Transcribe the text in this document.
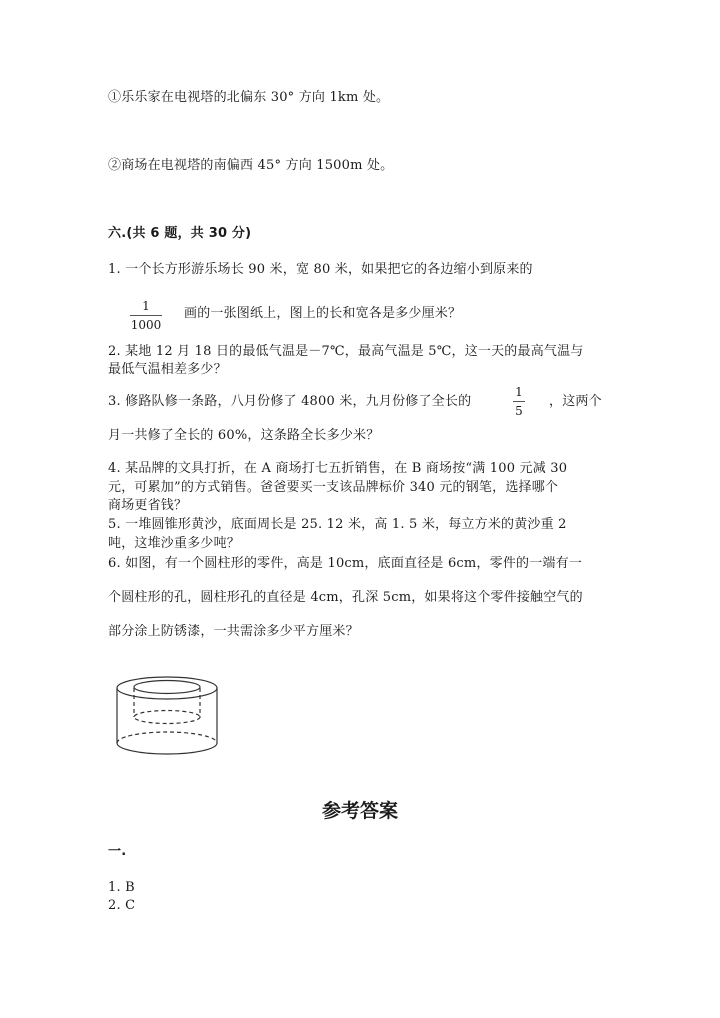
①乐乐家在电视塔的北偏东 30° 方向 1km 处。
②商场在电视塔的南偏西 45° 方向 1500m 处。
六.(共 6 题，共 30 分)
1. 一个长方形游乐场长 90 米，宽 80 米，如果把它的各边缩小到原来的
1
1000
画的一张图纸上，图上的长和宽各是多少厘米？
2. 某地 12 月 18 日的最低气温是－7℃，最高气温是 5℃，这一天的最高气温与
最低气温相差多少？
3. 修路队修一条路，八月份修了 4800 米，九月份修了全长的
1
5
，这两个
月一共修了全长的 60%，这条路全长多少米？
4. 某品牌的文具打折，在 A 商场打七五折销售，在 B 商场按“满 100 元减 30
元，可累加”的方式销售。爸爸要买一支该品牌标价 340 元的钢笔，选择哪个
商场更省钱？
5. 一堆圆锥形黄沙，底面周长是 25. 12 米，高 1. 5 米，每立方米的黄沙重 2
吨，这堆沙重多少吨？
6. 如图，有一个圆柱形的零件，高是 10cm，底面直径是 6cm，零件的一端有一
个圆柱形的孔，圆柱形孔的直径是 4cm，孔深 5cm，如果将这个零件接触空气的
部分涂上防锈漆，一共需涂多少平方厘米？
参考答案
一.
1. B
2. C
